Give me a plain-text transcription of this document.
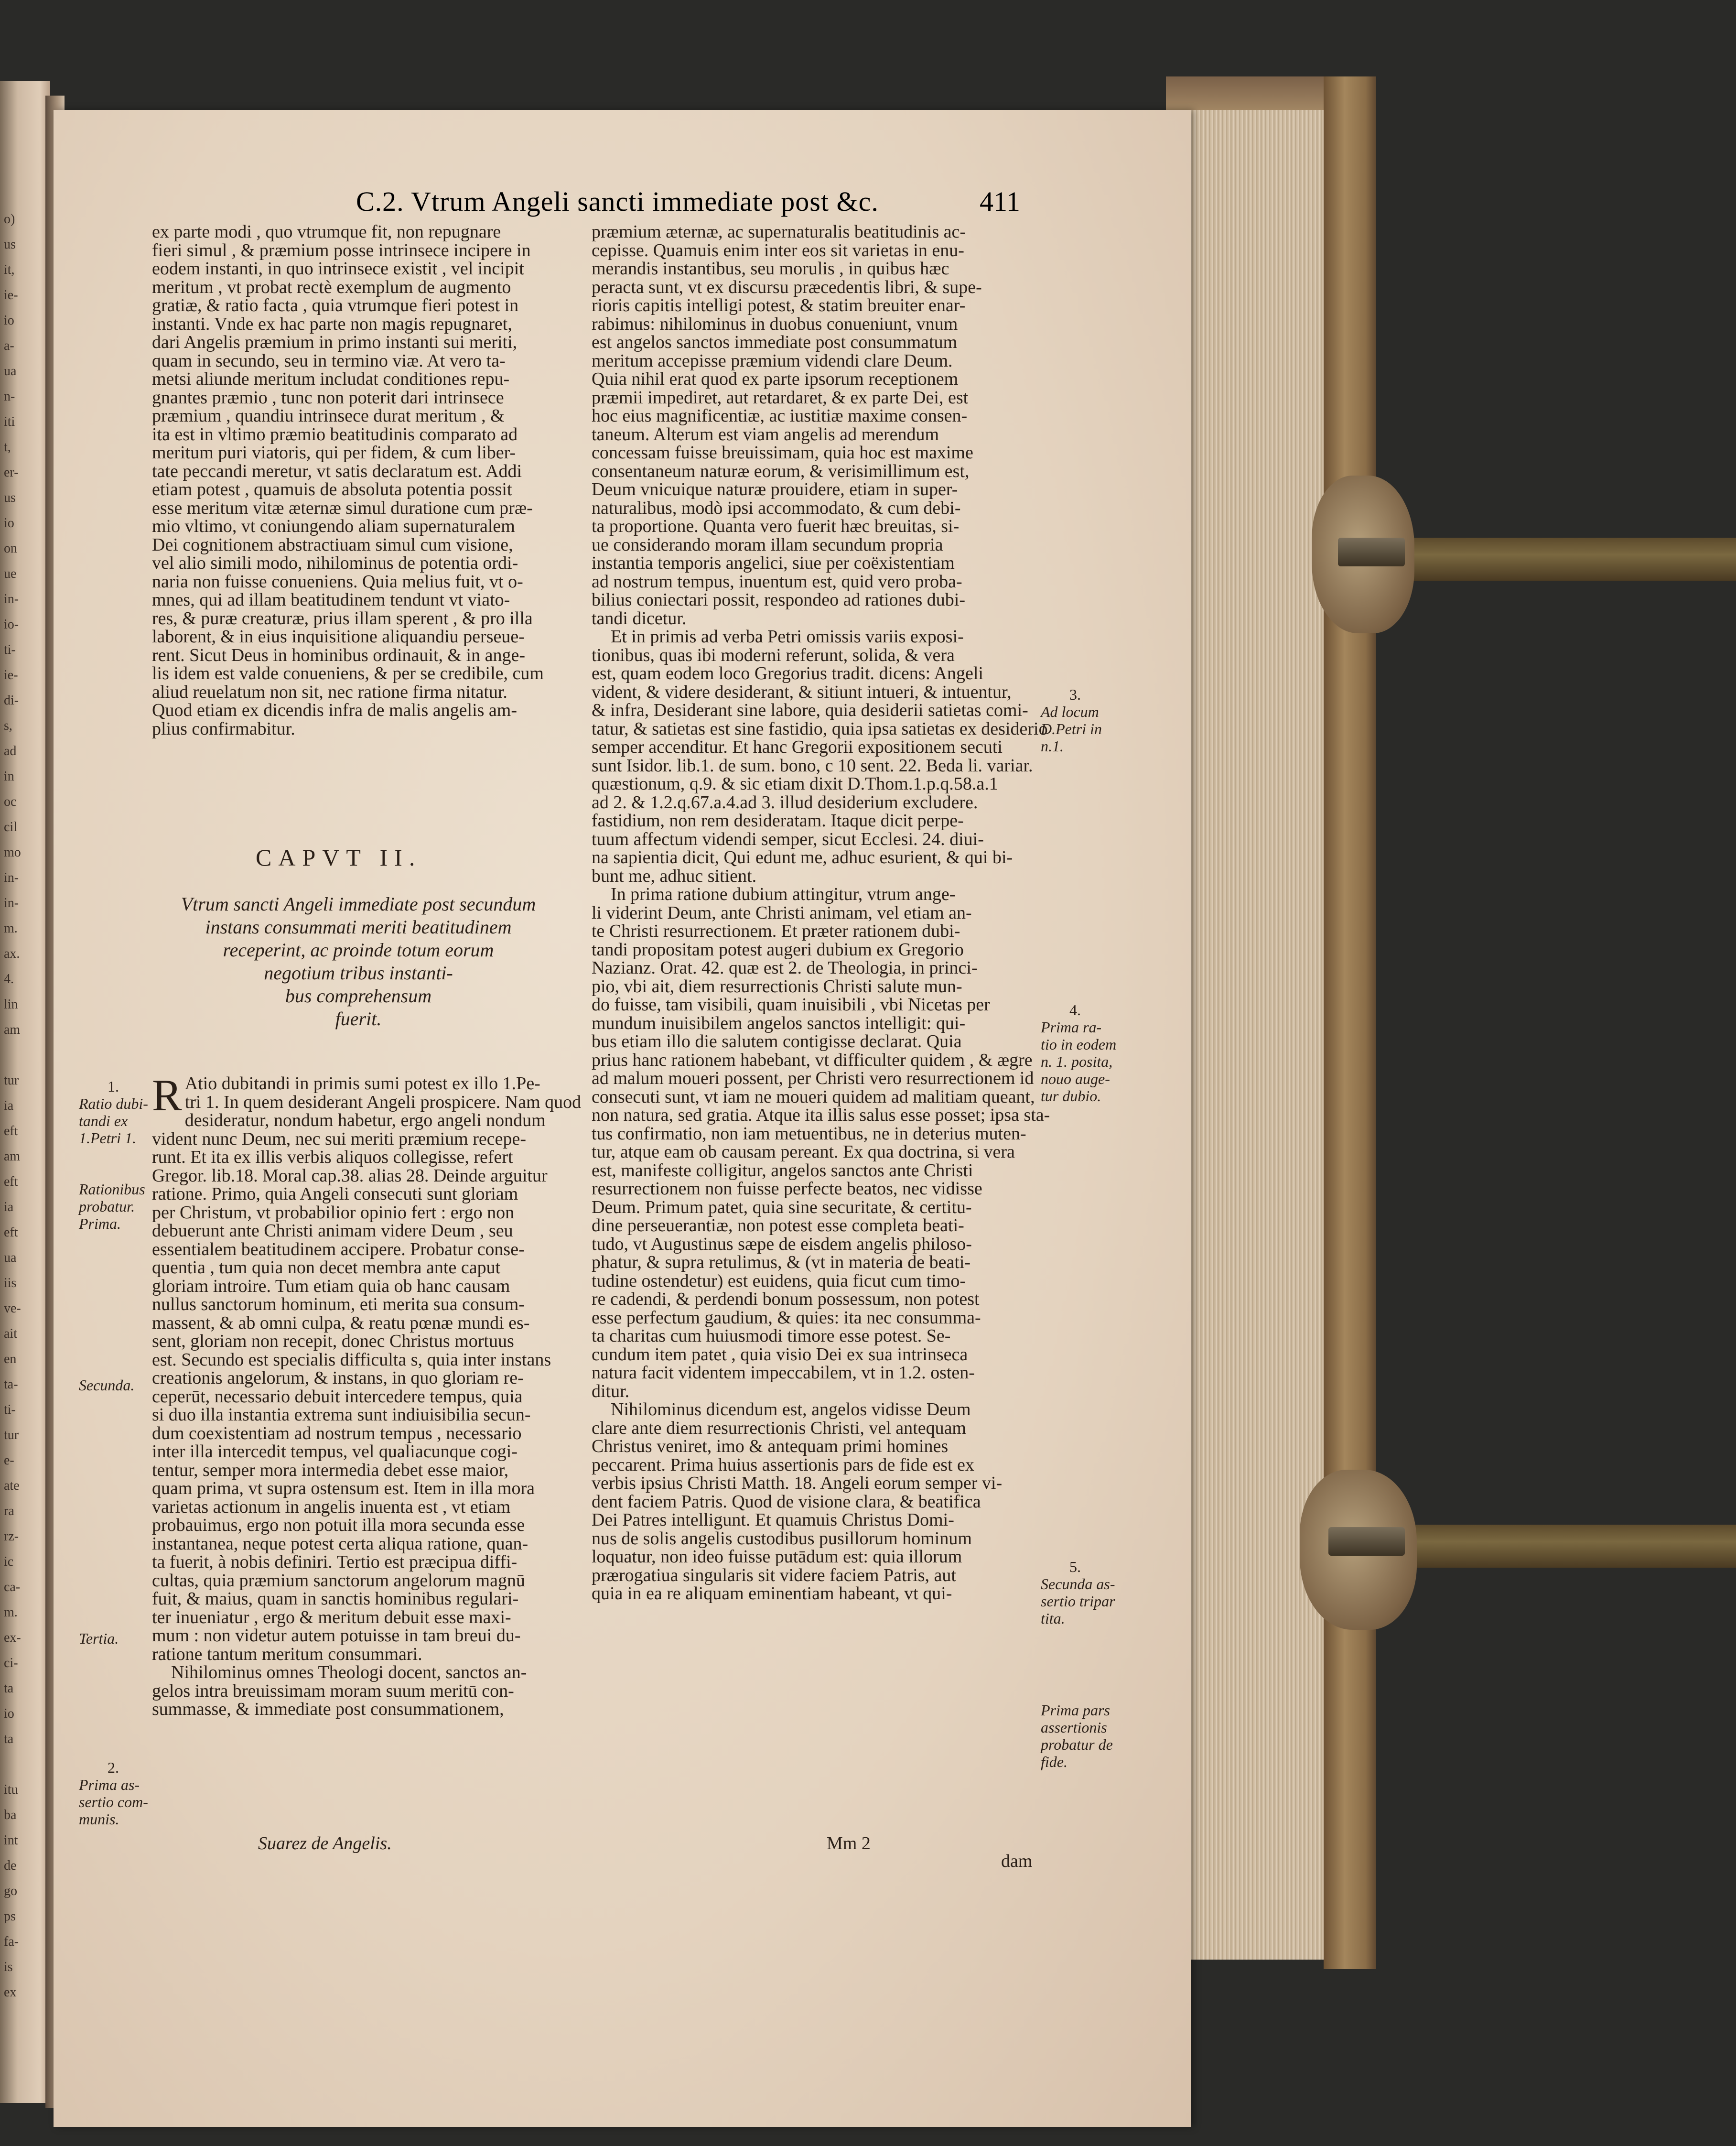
o)
us
it,
ie-
io
a-
ua
n-
iti
t,
er-
us
io
on
ue
in-
io-
ti-
ie-
di-
s,
ad
in
oc
cil
mo
in-
in-
m.
ax.
4.
lin
am
tur
ia
eft
am
eft
ia
eft
ua
iis
ve-
ait
en
ta-
ti-
tur
e-
ate
ra
rz-
ic
ca-
m.
ex-
ci-
ta
io
ta
itu
ba
int
de
go
ps
fa-
is
ex
C.2. Vtrum Angeli sancti immediate post &c.	411
ex parte modi , quo vtrumque fit, non repugnare
fieri simul , & præmium posse intrinsece incipere in
eodem instanti, in quo intrinsece existit , vel incipit
meritum , vt probat rectè exemplum de augmento
gratiæ, & ratio facta , quia vtrumque fieri potest in
instanti. Vnde ex hac parte non magis repugnaret,
dari Angelis præmium in primo instanti sui meriti,
quam in secundo, seu in termino viæ. At vero ta-
metsi aliunde meritum includat conditiones repu-
gnantes præmio , tunc non poterit dari intrinsece
præmium , quandiu intrinsece durat meritum , &
ita est in vltimo præmio beatitudinis comparato ad
meritum puri viatoris, qui per fidem, & cum liber-
tate peccandi meretur, vt satis declaratum est. Addi
etiam potest , quamuis de absoluta potentia possit
esse meritum vitæ æternæ simul duratione cum præ-
mio vltimo, vt coniungendo aliam supernaturalem
Dei cognitionem abstractiuam simul cum visione,
vel alio simili modo, nihilominus de potentia ordi-
naria non fuisse conueniens. Quia melius fuit, vt o-
mnes, qui ad illam beatitudinem tendunt vt viato-
res, & puræ creaturæ, prius illam sperent , & pro illa
laborent, & in eius inquisitione aliquandiu perseue-
rent. Sicut Deus in hominibus ordinauit, & in ange-
lis idem est valde conueniens, & per se credibile, cum
aliud reuelatum non sit, nec ratione firma nitatur.
Quod etiam ex dicendis infra de malis angelis am-
plius confirmabitur.
CAPVT II.
Vtrum sancti Angeli immediate post secundum
instans consummati meriti beatitudinem
receperint, ac proinde totum eorum
negotium tribus instanti-
bus comprehensum
fuerit.
R Atio dubitandi in primis sumi potest ex illo 1.Pe-
tri 1. In quem desiderant Angeli prospicere. Nam quod
desideratur, nondum habetur, ergo angeli nondum
vident nunc Deum, nec sui meriti præmium recepe-
runt. Et ita ex illis verbis aliquos collegisse, refert
Gregor. lib.18. Moral cap.38. alias 28. Deinde arguitur
ratione. Primo, quia Angeli consecuti sunt gloriam
per Christum, vt probabilior opinio fert : ergo non
debuerunt ante Christi animam videre Deum , seu
essentialem beatitudinem accipere. Probatur conse-
quentia , tum quia non decet membra ante caput
gloriam introire. Tum etiam quia ob hanc causam
nullus sanctorum hominum, eti merita sua consum-
massent, & ab omni culpa, & reatu pœnæ mundi es-
sent, gloriam non recepit, donec Christus mortuus
est. Secundo est specialis difficulta s, quia inter instans
creationis angelorum, & instans, in quo gloriam re-
ceperūt, necessario debuit intercedere tempus, quia
si duo illa instantia extrema sunt indiuisibilia secun-
dum coexistentiam ad nostrum tempus , necessario
inter illa intercedit tempus, vel qualiacunque cogi-
tentur, semper mora intermedia debet esse maior,
quam prima, vt supra ostensum est. Item in illa mora
varietas actionum in angelis inuenta est , vt etiam
probauimus, ergo non potuit illa mora secunda esse
instantanea, neque potest certa aliqua ratione, quan-
ta fuerit, à nobis definiri. Tertio est præcipua diffi-
cultas, quia præmium sanctorum angelorum magnū
fuit, & maius, quam in sanctis hominibus regulari-
ter inueniatur , ergo & meritum debuit esse maxi-
mum : non videtur autem potuisse in tam breui du-
ratione tantum meritum consummari.
Nihilominus omnes Theologi docent, sanctos an-
gelos intra breuissimam moram suum meritū con-
summasse, & immediate post consummationem,
Suarez de Angelis.
præmium æternæ, ac supernaturalis beatitudinis ac-
cepisse. Quamuis enim inter eos sit varietas in enu-
merandis instantibus, seu morulis , in quibus hæc
peracta sunt, vt ex discursu præcedentis libri, & supe-
rioris capitis intelligi potest, & statim breuiter enar-
rabimus: nihilominus in duobus conueniunt, vnum
est angelos sanctos immediate post consummatum
meritum accepisse præmium videndi clare Deum.
Quia nihil erat quod ex parte ipsorum receptionem
præmii impediret, aut retardaret, & ex parte Dei, est
hoc eius magnificentiæ, ac iustitiæ maxime consen-
taneum. Alterum est viam angelis ad merendum
concessam fuisse breuissimam, quia hoc est maxime
consentaneum naturæ eorum, & verisimillimum est,
Deum vnicuique naturæ prouidere, etiam in super-
naturalibus, modò ipsi accommodato, & cum debi-
ta proportione. Quanta vero fuerit hæc breuitas, si-
ue considerando moram illam secundum propria
instantia temporis angelici, siue per coëxistentiam
ad nostrum tempus, inuentum est, quid vero proba-
bilius coniectari possit, respondeo ad rationes dubi-
tandi dicetur.
Et in primis ad verba Petri omissis variis exposi-
tionibus, quas ibi moderni referunt, solida, & vera
est, quam eodem loco Gregorius tradit. dicens: Angeli
vident, & videre desiderant, & sitiunt intueri, & intuentur,
& infra, Desiderant sine labore, quia desiderii satietas comi-
tatur, & satietas est sine fastidio, quia ipsa satietas ex desiderio
semper accenditur. Et hanc Gregorii expositionem secuti
sunt Isidor. lib.1. de sum. bono, c 10 sent. 22. Beda li. variar.
quæstionum, q.9. & sic etiam dixit D.Thom.1.p.q.58.a.1
ad 2. & 1.2.q.67.a.4.ad 3. illud desiderium excludere.
fastidium, non rem desideratam. Itaque dicit perpe-
tuum affectum videndi semper, sicut Ecclesi. 24. diui-
na sapientia dicit, Qui edunt me, adhuc esurient, & qui bi-
bunt me, adhuc sitient.
In prima ratione dubium attingitur, vtrum ange-
li viderint Deum, ante Christi animam, vel etiam an-
te Christi resurrectionem. Et præter rationem dubi-
tandi propositam potest augeri dubium ex Gregorio
Nazianz. Orat. 42. quæ est 2. de Theologia, in princi-
pio, vbi ait, diem resurrectionis Christi salute mun-
do fuisse, tam visibili, quam inuisibili , vbi Nicetas per
mundum inuisibilem angelos sanctos intelligit: qui-
bus etiam illo die salutem contigisse declarat. Quia
prius hanc rationem habebant, vt difficulter quidem , & ægre
ad malum moueri possent, per Christi vero resurrectionem id
consecuti sunt, vt iam ne moueri quidem ad malitiam queant,
non natura, sed gratia. Atque ita illis salus esse posset; ipsa sta-
tus confirmatio, non iam metuentibus, ne in deterius muten-
tur, atque eam ob causam pereant. Ex qua doctrina, si vera
est, manifeste colligitur, angelos sanctos ante Christi
resurrectionem non fuisse perfecte beatos, nec vidisse
Deum. Primum patet, quia sine securitate, & certitu-
dine perseuerantiæ, non potest esse completa beati-
tudo, vt Augustinus sæpe de eisdem angelis philoso-
phatur, & supra retulimus, & (vt in materia de beati-
tudine ostendetur) est euidens, quia ficut cum timo-
re cadendi, & perdendi bonum possessum, non potest
esse perfectum gaudium, & quies: ita nec consumma-
ta charitas cum huiusmodi timore esse potest. Se-
cundum item patet , quia visio Dei ex sua intrinseca
natura facit videntem impeccabilem, vt in 1.2. osten-
ditur.
Nihilominus dicendum est, angelos vidisse Deum
clare ante diem resurrectionis Christi, vel antequam
Christus veniret, imo & antequam primi homines
peccarent. Prima huius assertionis pars de fide est ex
verbis ipsius Christi Matth. 18. Angeli eorum semper vi-
dent faciem Patris. Quod de visione clara, & beatifica
Dei Patres intelligunt. Et quamuis Christus Domi-
nus de solis angelis custodibus pusillorum hominum
loquatur, non ideo fuisse putādum est: quia illorum
prærogatiua singularis sit videre faciem Patris, aut
quia in ea re aliquam eminentiam habeant, vt qui-
Mm 2
dam
1.
Ratio dubi-
tandi ex
1.Petri 1.
Rationibus
probatur.
Prima.
Secunda.
Tertia.
2.
Prima as-
sertio com-
munis.
3.
Ad locum
D.Petri in
n.1.
4.
Prima ra-
tio in eodem
n. 1. posita,
nouo auge-
tur dubio.
5.
Secunda as-
sertio tripar
tita.
Prima pars
assertionis
probatur de
fide.
